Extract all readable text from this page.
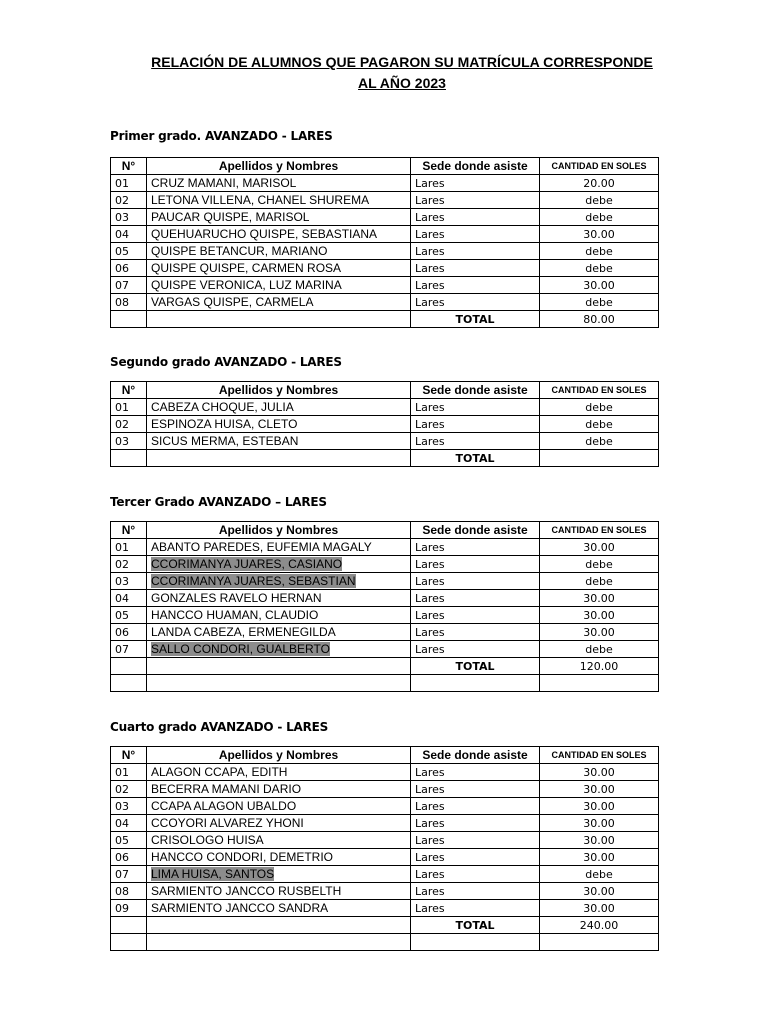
RELACIÓN DE ALUMNOS QUE PAGARON SU MATRÍCULA CORRESPONDE
AL AÑO 2023
Primer grado. AVANZADO - LARES
N°	Apellidos y Nombres	Sede donde asiste	CANTIDAD EN SOLES
01	CRUZ MAMANI, MARISOL	Lares	20.00
02	LETONA VILLENA, CHANEL SHUREMA	Lares	debe
03	PAUCAR QUISPE, MARISOL	Lares	debe
04	QUEHUARUCHO QUISPE, SEBASTIANA	Lares	30.00
05	QUISPE BETANCUR, MARIANO	Lares	debe
06	QUISPE QUISPE, CARMEN ROSA	Lares	debe
07	QUISPE VERONICA, LUZ MARINA	Lares	30.00
08	VARGAS QUISPE, CARMELA	Lares	debe
		TOTAL	80.00
Segundo grado AVANZADO - LARES
N°	Apellidos y Nombres	Sede donde asiste	CANTIDAD EN SOLES
01	CABEZA CHOQUE, JULIA	Lares	debe
02	ESPINOZA HUISA, CLETO	Lares	debe
03	SICUS MERMA, ESTEBAN	Lares	debe
		TOTAL	
Tercer Grado AVANZADO – LARES
N°	Apellidos y Nombres	Sede donde asiste	CANTIDAD EN SOLES
01	ABANTO PAREDES, EUFEMIA MAGALY	Lares	30.00
02	CCORIMANYA JUARES, CASIANO	Lares	debe
03	CCORIMANYA JUARES, SEBASTIAN	Lares	debe
04	GONZALES RAVELO HERNAN	Lares	30.00
05	HANCCO HUAMAN, CLAUDIO	Lares	30.00
06	LANDA CABEZA, ERMENEGILDA	Lares	30.00
07	SALLO CONDORI, GUALBERTO	Lares	debe
		TOTAL	120.00

Cuarto grado AVANZADO - LARES
N°	Apellidos y Nombres	Sede donde asiste	CANTIDAD EN SOLES
01	ALAGON CCAPA, EDITH	Lares	30.00
02	BECERRA MAMANI DARIO	Lares	30.00
03	CCAPA ALAGON UBALDO	Lares	30.00
04	CCOYORI ALVAREZ YHONI	Lares	30.00
05	CRISOLOGO HUISA	Lares	30.00
06	HANCCO CONDORI, DEMETRIO	Lares	30.00
07	LIMA HUISA, SANTOS	Lares	debe
08	SARMIENTO JANCCO RUSBELTH	Lares	30.00
09	SARMIENTO JANCCO SANDRA	Lares	30.00
		TOTAL	240.00
